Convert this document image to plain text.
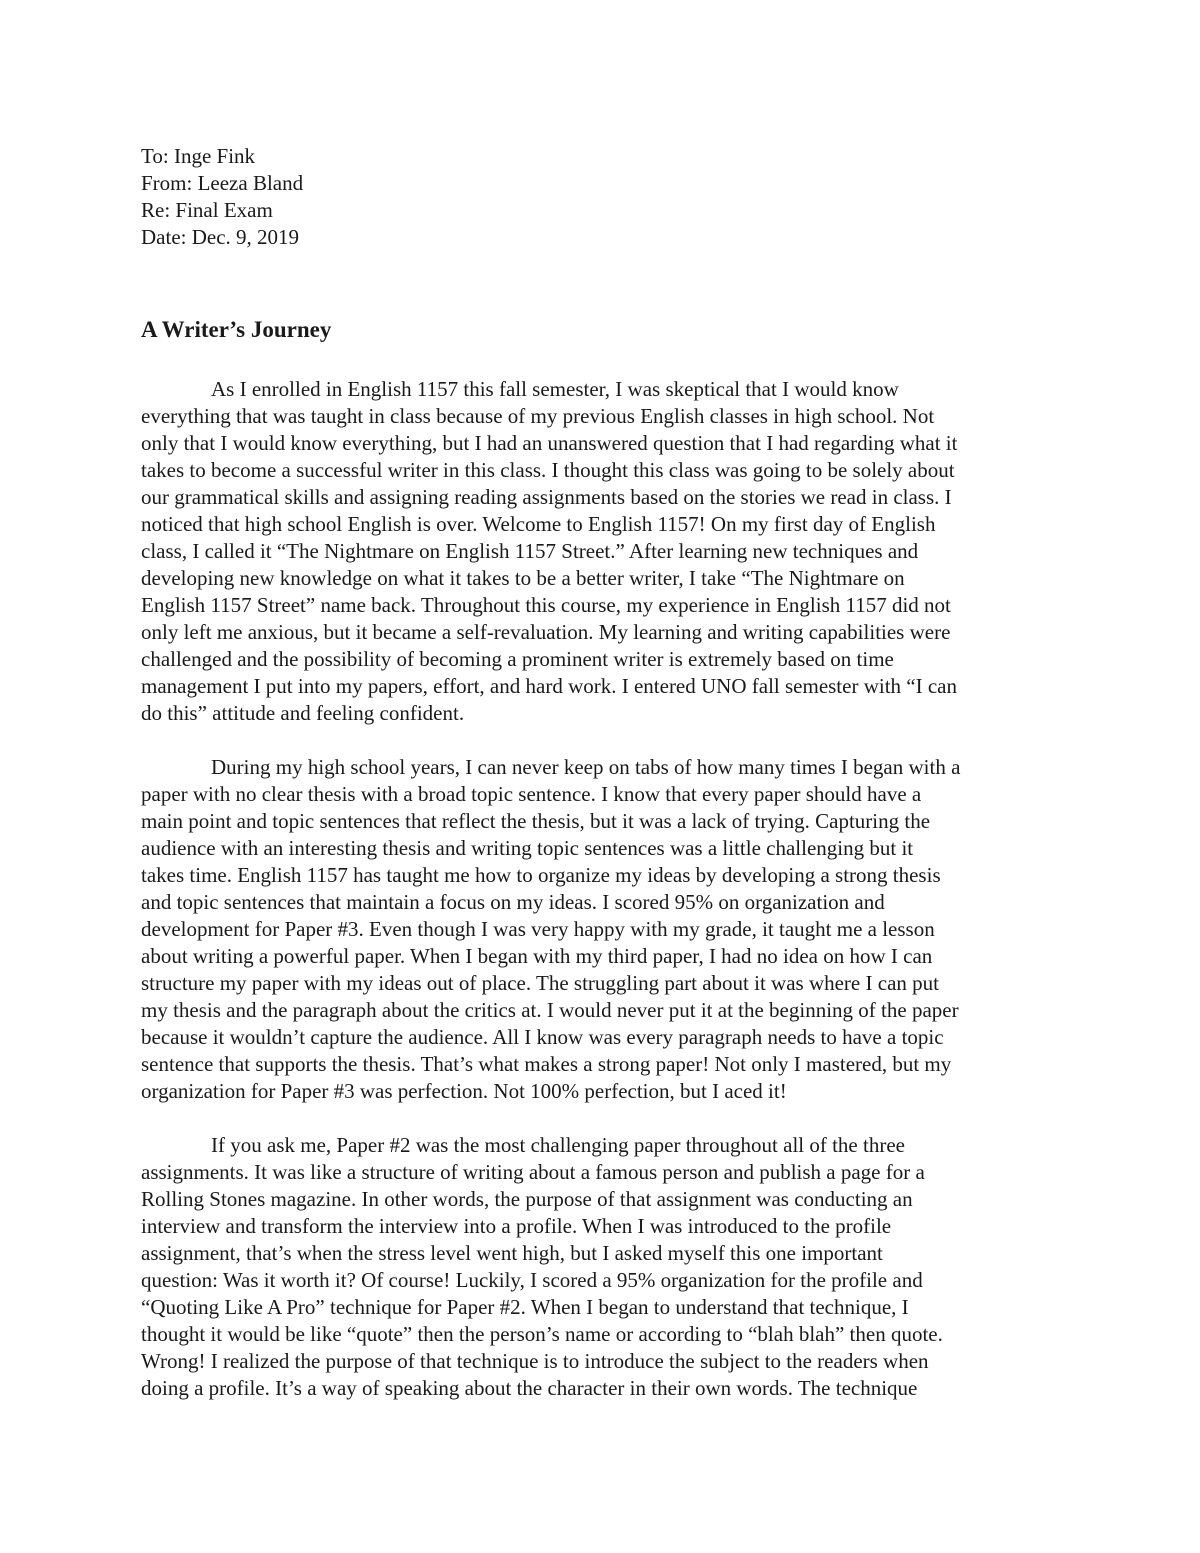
To: Inge Fink

From: Leeza Bland

Re: Final Exam

Date: Dec. 9, 2019

A Writer’s Journey

As I enrolled in English 1157 this fall semester, I was skeptical that I would know
everything that was taught in class because of my previous English classes in high school. Not
only that I would know everything, but I had an unanswered question that I had regarding what it
takes to become a successful writer in this class. I thought this class was going to be solely about
our grammatical skills and assigning reading assignments based on the stories we read in class. I
noticed that high school English is over. Welcome to English 1157! On my first day of English
class, I called it “The Nightmare on English 1157 Street.” After learning new techniques and
developing new knowledge on what it takes to be a better writer, I take “The Nightmare on
English 1157 Street” name back. Throughout this course, my experience in English 1157 did not
only left me anxious, but it became a self-revaluation. My learning and writing capabilities were
challenged and the possibility of becoming a prominent writer is extremely based on time
management I put into my papers, effort, and hard work. I entered UNO fall semester with “I can
do this” attitude and feeling confident.

During my high school years, I can never keep on tabs of how many times I began with a
paper with no clear thesis with a broad topic sentence. I know that every paper should have a
main point and topic sentences that reflect the thesis, but it was a lack of trying. Capturing the
audience with an interesting thesis and writing topic sentences was a little challenging but it
takes time. English 1157 has taught me how to organize my ideas by developing a strong thesis
and topic sentences that maintain a focus on my ideas. I scored 95% on organization and
development for Paper #3. Even though I was very happy with my grade, it taught me a lesson
about writing a powerful paper. When I began with my third paper, I had no idea on how I can
structure my paper with my ideas out of place. The struggling part about it was where I can put
my thesis and the paragraph about the critics at. I would never put it at the beginning of the paper
because it wouldn’t capture the audience. All I know was every paragraph needs to have a topic
sentence that supports the thesis. That’s what makes a strong paper! Not only I mastered, but my
organization for Paper #3 was perfection. Not 100% perfection, but I aced it!

If you ask me, Paper #2 was the most challenging paper throughout all of the three
assignments. It was like a structure of writing about a famous person and publish a page for a
Rolling Stones magazine. In other words, the purpose of that assignment was conducting an
interview and transform the interview into a profile. When I was introduced to the profile
assignment, that’s when the stress level went high, but I asked myself this one important
question: Was it worth it? Of course! Luckily, I scored a 95% organization for the profile and
“Quoting Like A Pro” technique for Paper #2. When I began to understand that technique, I
thought it would be like “quote” then the person’s name or according to “blah blah” then quote.
Wrong! I realized the purpose of that technique is to introduce the subject to the readers when
doing a profile. It’s a way of speaking about the character in their own words. The technique
